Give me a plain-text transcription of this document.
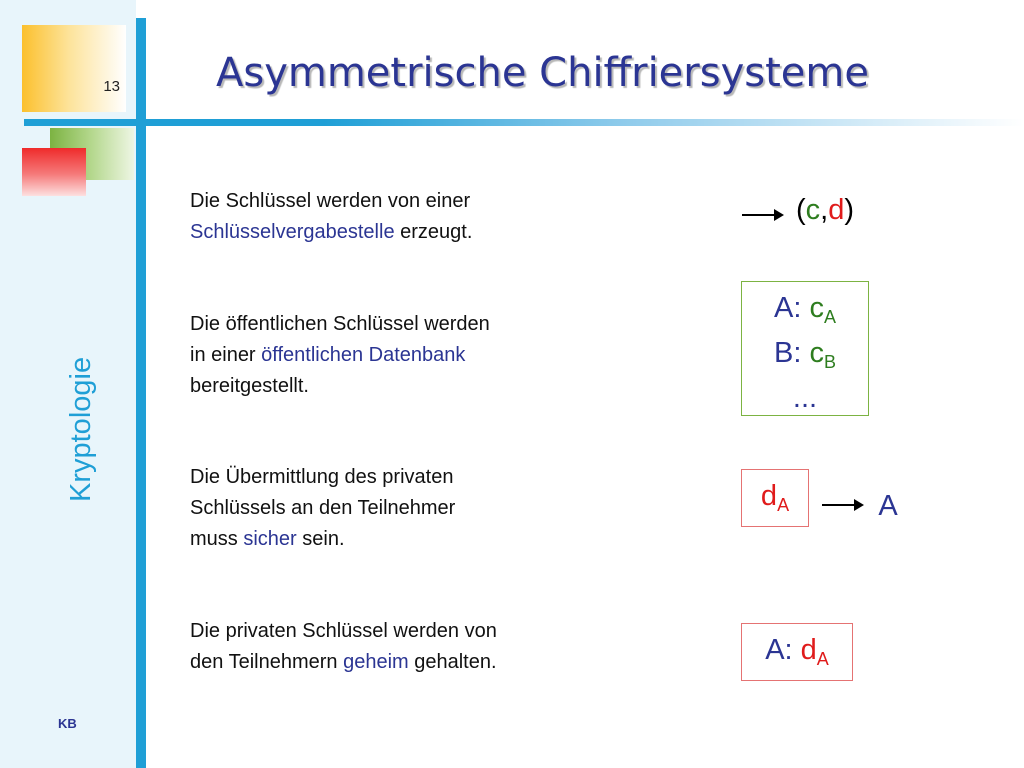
13 Asymmetrische Chiffriersysteme
Kryptologie
KB
Die Schlüssel werden von einer
Schlüsselvergabestelle erzeugt.
Die öffentlichen Schlüssel werden
in einer öffentlichen Datenbank
bereitgestellt.
Die Übermittlung des privaten
Schlüssels an den Teilnehmer
muss sicher sein.
Die privaten Schlüssel werden von
den Teilnehmern geheim gehalten.
(c,d)
A: $c_A$
B: $c_B$
...
$d_A$	A
A: $d_A$
